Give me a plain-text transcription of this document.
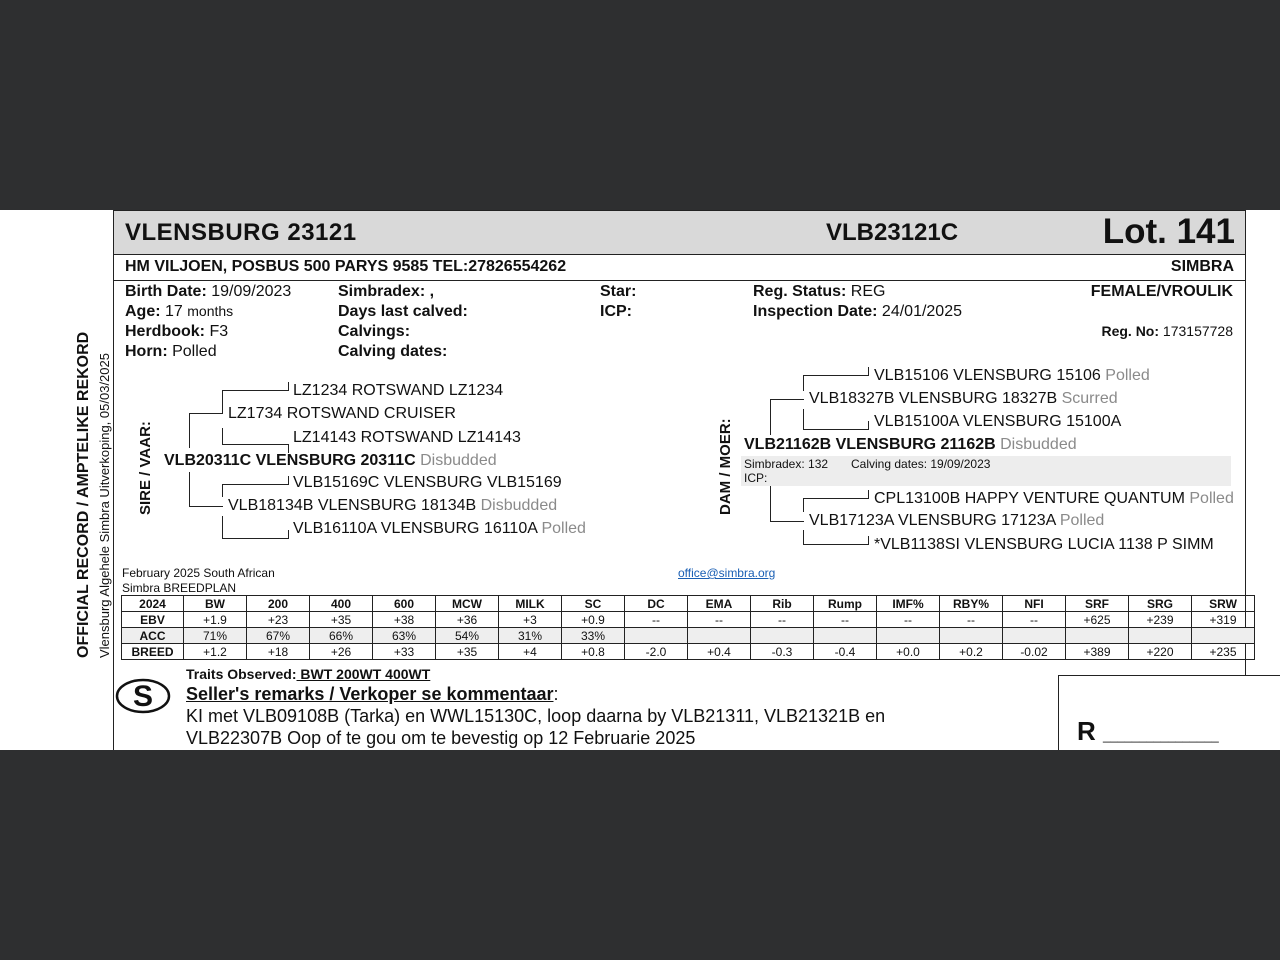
VLENSBURG 23121	VLB23121C	Lot. 141
HM VILJOEN, POSBUS 500 PARYS 9585 TEL:27826554262	SIMBRA
OFFICIAL RECORD / AMPTELIKE REKORD Vlensburg Algehele Simbra Uitverkoping, 05/03/2025
Birth Date: 19/09/2023
Age: 17 months
Herdbook: F3
Horn: Polled
Simbradex: ,
Days last calved:
Calvings:
Calving dates:
Star:
ICP:
Reg. Status: REG
Inspection Date: 24/01/2025
FEMALE/VROULIK
Reg. No: 173157728
SIRE / VAAR:
LZ1234 ROTSWAND LZ1234
LZ1734 ROTSWAND CRUISER
LZ14143 ROTSWAND LZ14143
VLB20311C VLENSBURG 20311C Disbudded
VLB15169C VLENSBURG VLB15169
VLB18134B VLENSBURG 18134B Disbudded
VLB16110A VLENSBURG 16110A Polled
DAM / MOER:
VLB15106 VLENSBURG 15106 Polled
VLB18327B VLENSBURG 18327B Scurred
VLB15100A VLENSBURG 15100A
VLB21162B VLENSBURG 21162B Disbudded
Simbradex: 132 Calving dates: 19/09/2023
ICP:
CPL13100B HAPPY VENTURE QUANTUM Polled
VLB17123A VLENSBURG 17123A Polled
*VLB1138SI VLENSBURG LUCIA 1138 P SIMM
February 2025 South African
Simbra BREEDPLAN
office@simbra.org
2024	BW	200	400	600	MCW	MILK	SC	DC	EMA	Rib	Rump	IMF%	RBY%	NFI	SRF	SRG	SRW
EBV	+1.9	+23	+35	+38	+36	+3	+0.9	--	--	--	--	--	--	--	+625	+239	+319
ACC	71%	67%	66%	63%	54%	31%	33%										
BREED	+1.2	+18	+26	+33	+35	+4	+0.8	-2.0	+0.4	-0.3	-0.4	+0.0	+0.2	-0.02	+389	+220	+235
Traits Observed: BWT 200WT 400WT
S Seller's remarks / Verkoper se kommentaar:
KI met VLB09108B (Tarka) en WWL15130C, loop daarna by VLB21311, VLB21321B en
VLB22307B Oop of te gou om te bevestig op 12 Februarie 2025	R ________________
